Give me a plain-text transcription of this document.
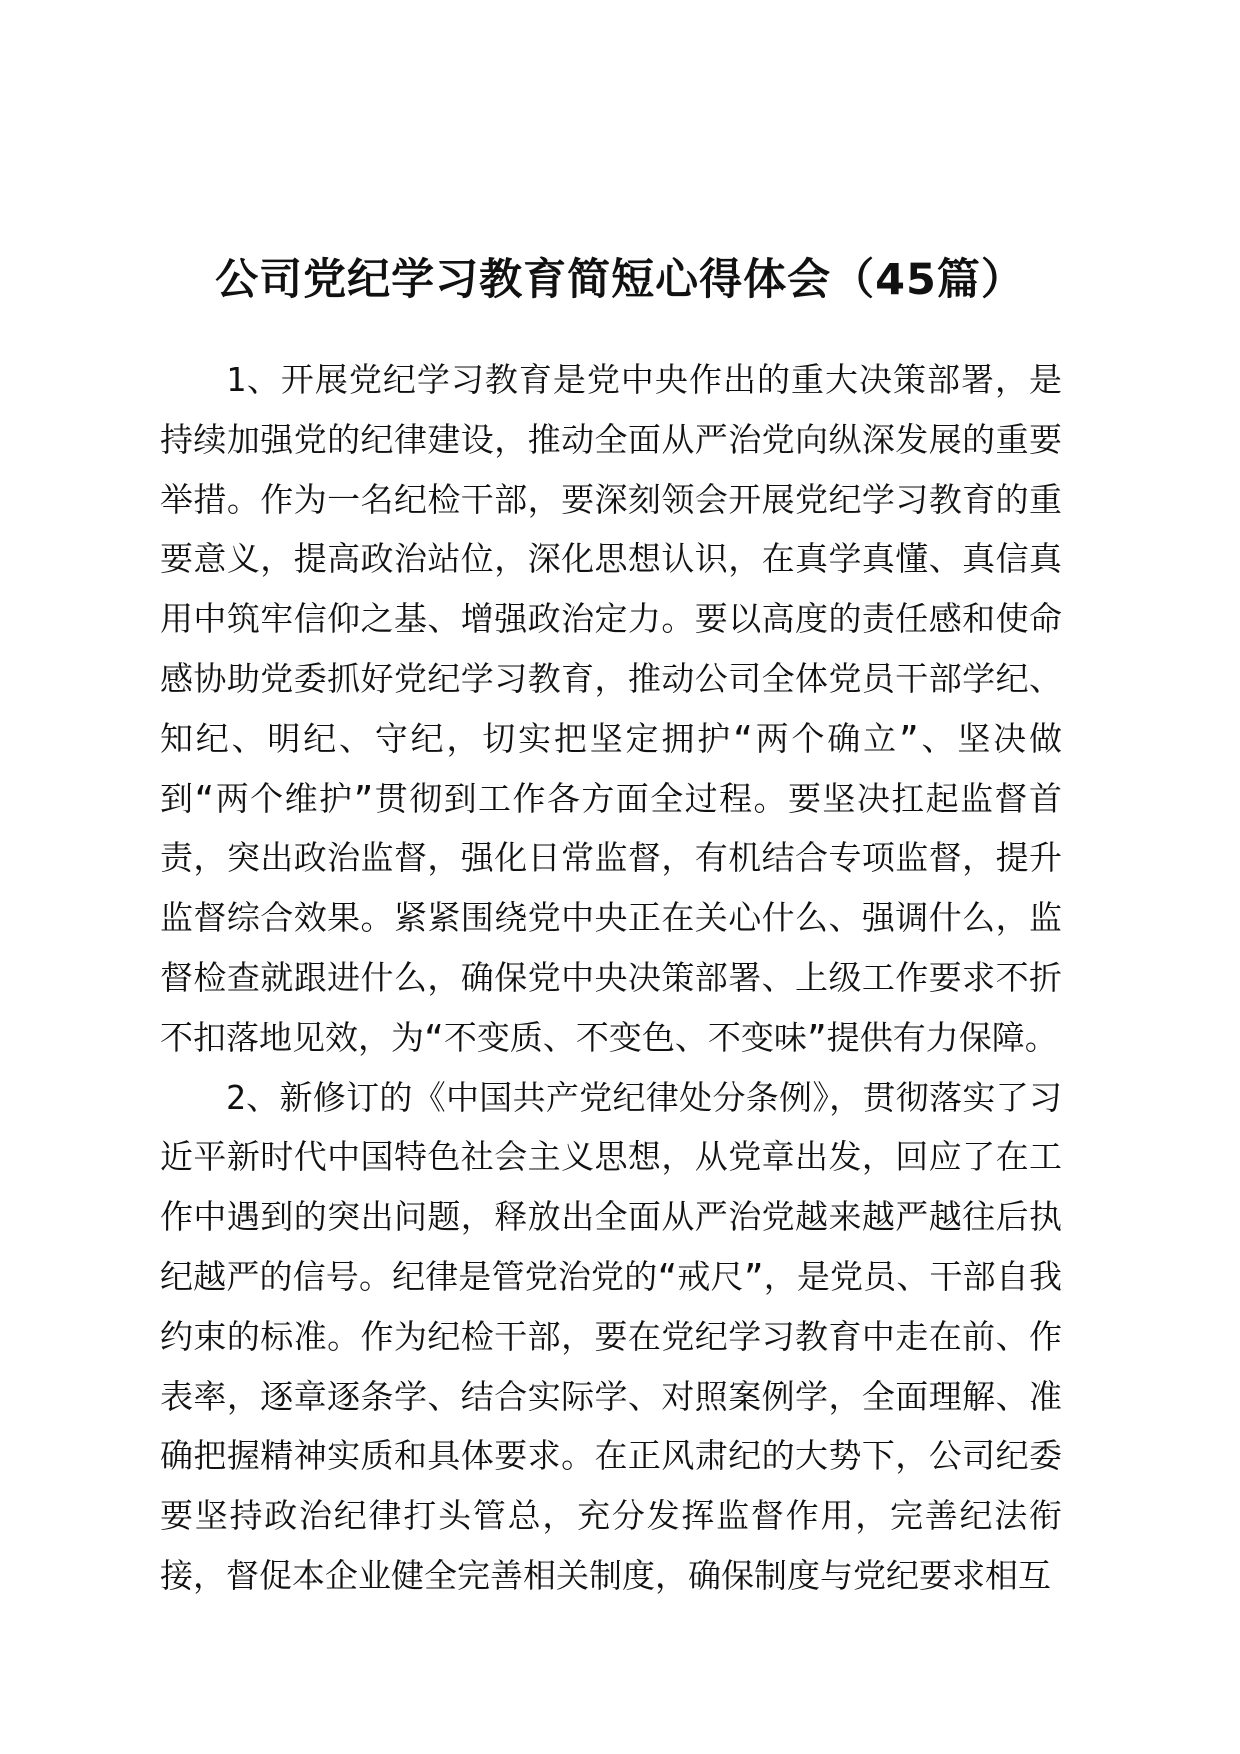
公司党纪学习教育简短心得体会（45篇）

1、开展党纪学习教育是党中央作出的重大决策部署，是持续加强党的纪律建设，推动全面从严治党向纵深发展的重要举措。作为一名纪检干部，要深刻领会开展党纪学习教育的重要意义，提高政治站位，深化思想认识，在真学真懂、真信真用中筑牢信仰之基、增强政治定力。要以高度的责任感和使命感协助党委抓好党纪学习教育，推动公司全体党员干部学纪、知纪、明纪、守纪，切实把坚定拥护“两个确立”、坚决做到“两个维护”贯彻到工作各方面全过程。要坚决扛起监督首责，突出政治监督，强化日常监督，有机结合专项监督，提升监督综合效果。紧紧围绕党中央正在关心什么、强调什么，监督检查就跟进什么，确保党中央决策部署、上级工作要求不折不扣落地见效，为“不变质、不变色、不变味”提供有力保障。

2、新修订的《中国共产党纪律处分条例》，贯彻落实了习近平新时代中国特色社会主义思想，从党章出发，回应了在工作中遇到的突出问题，释放出全面从严治党越来越严越往后执纪越严的信号。纪律是管党治党的“戒尺”，是党员、干部自我约束的标准。作为纪检干部，要在党纪学习教育中走在前、作表率，逐章逐条学、结合实际学、对照案例学，全面理解、准确把握精神实质和具体要求。在正风肃纪的大势下，公司纪委要坚持政治纪律打头管总，充分发挥监督作用，完善纪法衔接，督促本企业健全完善相关制度，确保制度与党纪要求相互
